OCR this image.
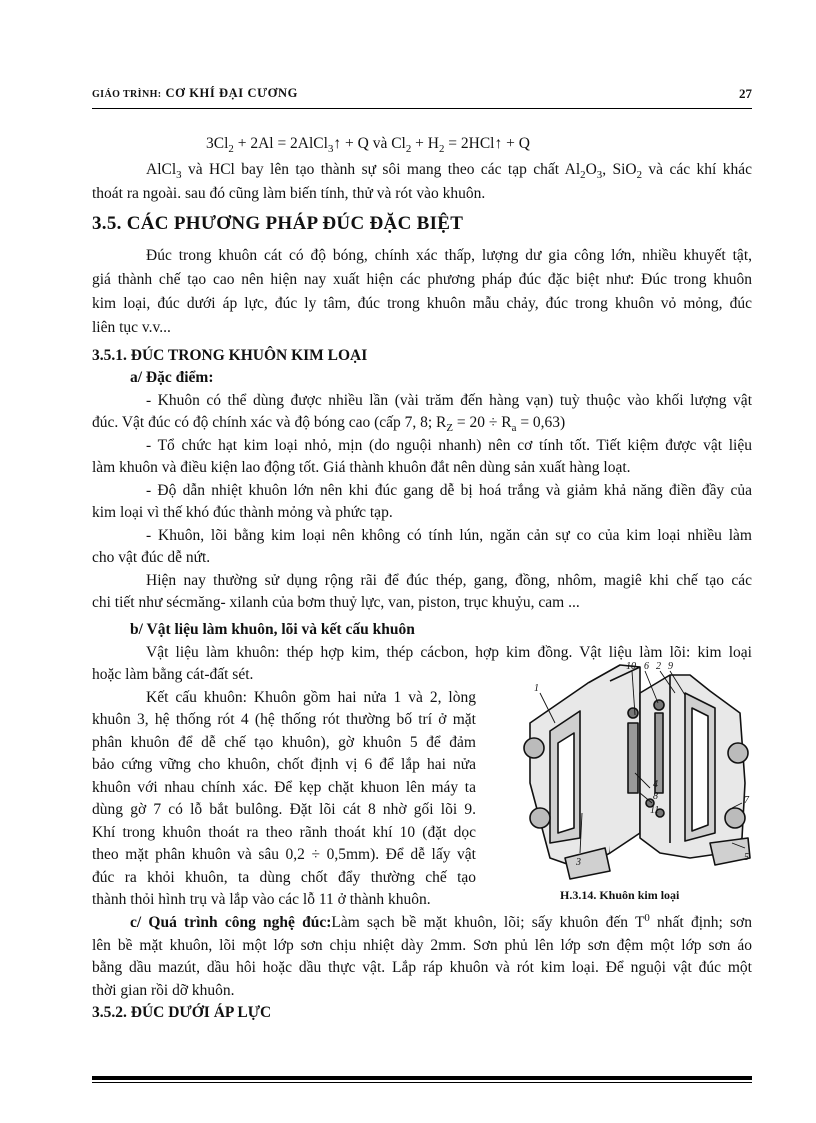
GIÁO TRÌNH: CƠ KHÍ ĐẠI CƯƠNG	27
$3Cl_2 + 2Al$ = 2AlCl$_3$↑ + Q và $Cl_2 + H_2$ = 2HCl↑ + Q
AlCl$_3$ và HCl bay lên tạo thành sự sôi mang theo các tạp chất $Al_2O_3$, SiO$_2$ và các khí khác
thoát ra ngoài. sau đó cũng làm biến tính, thử và rót vào khuôn.
3.5. CÁC PHƯƠNG PHÁP ĐÚC ĐẶC BIỆT
Đúc trong khuôn cát có độ bóng, chính xác thấp, lượng dư gia công lớn, nhiều khuyết tật,
giá thành chế tạo cao nên hiện nay xuất hiện các phương pháp đúc đặc biệt như: Đúc trong khuôn
kim loại, đúc dưới áp lực, đúc ly tâm, đúc trong khuôn mẫu chảy, đúc trong khuôn vỏ mỏng, đúc
liên tục v.v...
3.5.1. ĐÚC TRONG KHUÔN KIM LOẠI
a/ Đặc điểm:
- Khuôn có thể dùng được nhiều lần (vài trăm đến hàng vạn) tuỳ thuộc vào khối lượng vật
đúc. Vật đúc có độ chính xác và độ bóng cao (cấp 7, 8; $R_Z = 20 \div R_a = 0,63$)
- Tổ chức hạt kim loại nhỏ, mịn (do nguội nhanh) nên cơ tính tốt. Tiết kiệm được vật liệu
làm khuôn và điều kiện lao động tốt. Giá thành khuôn đắt nên dùng sản xuất hàng loạt.
- Độ dẫn nhiệt khuôn lớn nên khi đúc gang dễ bị hoá trắng và giảm khả năng điền đầy của
kim loại vì thế khó đúc thành mỏng và phức tạp.
- Khuôn, lõi bằng kim loại nên không có tính lún, ngăn cản sự co của kim loại nhiều làm
cho vật đúc dễ nứt.
Hiện nay thường sử dụng rộng rãi để đúc thép, gang, đồng, nhôm, magiê khi chế tạo các
chi tiết như sécmăng- xilanh của bơm thuỷ lực, van, piston, trục khuỷu, cam ...
b/ Vật liệu làm khuôn, lõi và kết cấu khuôn
Vật liệu làm khuôn: thép hợp kim, thép cácbon, hợp kim đồng. Vật liệu làm lõi: kim loại
hoặc làm bằng cát-đất sét.
Kết cấu khuôn: Khuôn gồm hai nửa 1 và 2, lòng
khuôn 3, hệ thống rót 4 (hệ thống rót thường bố trí ở mặt
phân khuôn để dễ chế tạo khuôn), gờ khuôn 5 để đảm
bảo cứng vững cho khuôn, chốt định vị 6 để lắp hai nửa
khuôn với nhau chính xác. Để kẹp chặt khuon lên máy ta
dùng gờ 7 có lỗ bắt bulông. Đặt lõi cát 8 nhờ gối lõi 9.
Khí trong khuôn thoát ra theo rãnh thoát khí 10 (đặt dọc
theo mặt phân khuôn và sâu 0,2 ÷ 0,5mm). Để dễ lấy vật
đúc ra khỏi khuôn, ta dùng chốt đẩy thường chế tạo
thành thỏi hình trụ và lắp vào các lỗ 11 ở thành khuôn.
1
2
3
4
5
6
7
8
9
10
11
H.3.14. Khuôn kim loại
c/ Quá trình công nghệ đúc:Làm sạch bề mặt khuôn, lõi; sấy khuôn đến $T^0$ nhất định; sơn
lên bề mặt khuôn, lõi một lớp sơn chịu nhiệt dày 2mm. Sơn phủ lên lớp sơn đệm một lớp sơn áo
bằng dầu mazút, dầu hôi hoặc dầu thực vật. Lắp ráp khuôn và rót kim loại. Để nguội vật đúc một
thời gian rồi dỡ khuôn.
3.5.2. ĐÚC DƯỚI ÁP LỰC
